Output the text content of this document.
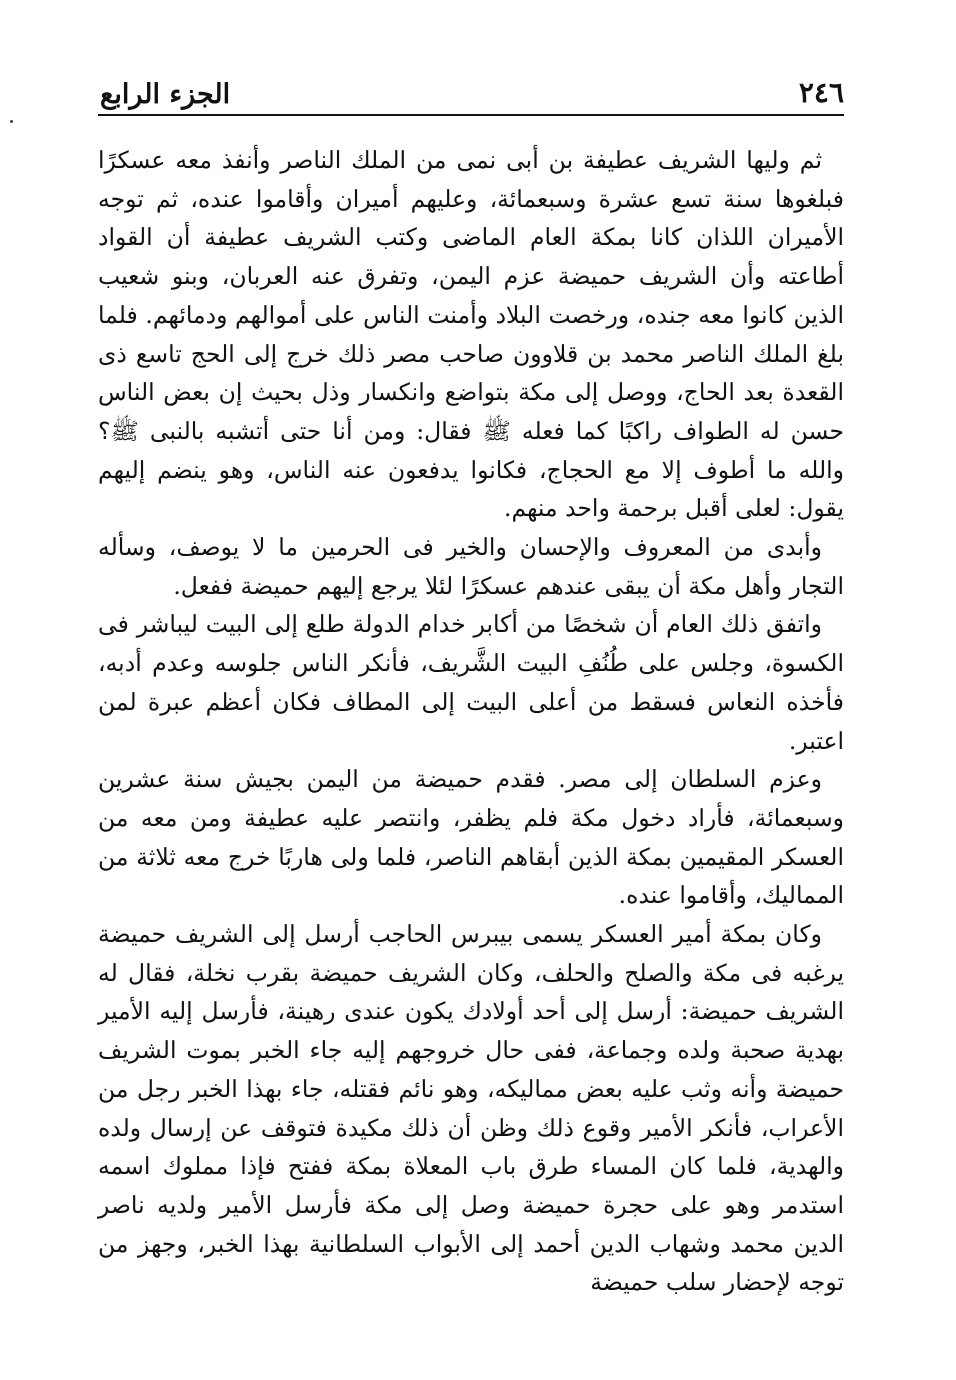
٢٤٦
الجزء الرابع

ثم وليها الشريف عطيفة بن أبى نمى من الملك الناصر وأنفذ معه عسكرًا فبلغوها سنة تسع عشرة وسبعمائة، وعليهم أميران وأقاموا عنده، ثم توجه الأميران اللذان كانا بمكة العام الماضى وكتب الشريف عطيفة أن القواد أطاعته وأن الشريف حميضة عزم اليمن، وتفرق عنه العربان، وبنو شعيب الذين كانوا معه جنده، ورخصت البلاد وأمنت الناس على أموالهم ودمائهم. فلما بلغ الملك الناصر محمد بن قلاوون صاحب مصر ذلك خرج إلى الحج تاسع ذى القعدة بعد الحاج، ووصل إلى مكة بتواضع وانكسار وذل بحيث إن بعض الناس حسن له الطواف راكبًا كما فعله ﷺ فقال: ومن أنا حتى أتشبه بالنبى ﷺ؟ والله ما أطوف إلا مع الحجاج، فكانوا يدفعون عنه الناس، وهو ينضم إليهم يقول: لعلى أقبل برحمة واحد منهم.

وأبدى من المعروف والإحسان والخير فى الحرمين ما لا يوصف، وسأله التجار وأهل مكة أن يبقى عندهم عسكرًا لئلا يرجع إليهم حميضة ففعل.

واتفق ذلك العام أن شخصًا من أكابر خدام الدولة طلع إلى البيت ليباشر فى الكسوة، وجلس على طُنُفِ البيت الشَّريف، فأنكر الناس جلوسه وعدم أدبه، فأخذه النعاس فسقط من أعلى البيت إلى المطاف فكان أعظم عبرة لمن اعتبر.

وعزم السلطان إلى مصر. فقدم حميضة من اليمن بجيش سنة عشرين وسبعمائة، فأراد دخول مكة فلم يظفر، وانتصر عليه عطيفة ومن معه من العسكر المقيمين بمكة الذين أبقاهم الناصر، فلما ولى هاربًا خرج معه ثلاثة من المماليك، وأقاموا عنده.

وكان بمكة أمير العسكر يسمى بيبرس الحاجب أرسل إلى الشريف حميضة يرغبه فى مكة والصلح والحلف، وكان الشريف حميضة بقرب نخلة، فقال له الشريف حميضة: أرسل إلى أحد أولادك يكون عندى رهينة، فأرسل إليه الأمير بهدية صحبة ولده وجماعة، ففى حال خروجهم إليه جاء الخبر بموت الشريف حميضة وأنه وثب عليه بعض مماليكه، وهو نائم فقتله، جاء بهذا الخبر رجل من الأعراب، فأنكر الأمير وقوع ذلك وظن أن ذلك مكيدة فتوقف عن إرسال ولده والهدية، فلما كان المساء طرق باب المعلاة بمكة ففتح فإذا مملوك اسمه استدمر وهو على حجرة حميضة وصل إلى مكة فأرسل الأمير ولديه ناصر الدين محمد وشهاب الدين أحمد إلى الأبواب السلطانية بهذا الخبر، وجهز من توجه لإحضار سلب حميضة
